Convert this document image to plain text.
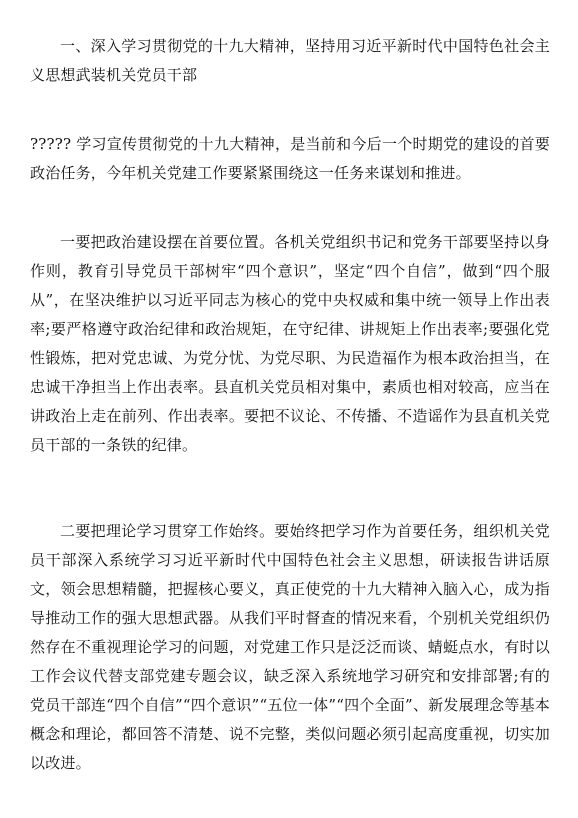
一、深入学习贯彻党的十九大精神，坚持用习近平新时代中国特色社会主义思想武装机关党员干部

????? 学习宣传贯彻党的十九大精神，是当前和今后一个时期党的建设的首要政治任务，今年机关党建工作要紧紧围绕这一任务来谋划和推进。

一要把政治建设摆在首要位置。各机关党组织书记和党务干部要坚持以身作则，教育引导党员干部树牢“四个意识”，坚定“四个自信”，做到“四个服从”，在坚决维护以习近平同志为核心的党中央权威和集中统一领导上作出表率;要严格遵守政治纪律和政治规矩，在守纪律、讲规矩上作出表率;要强化党性锻炼，把对党忠诚、为党分忧、为党尽职、为民造福作为根本政治担当，在忠诚干净担当上作出表率。县直机关党员相对集中，素质也相对较高，应当在讲政治上走在前列、作出表率。要把不议论、不传播、不造谣作为县直机关党员干部的一条铁的纪律。

二要把理论学习贯穿工作始终。要始终把学习作为首要任务，组织机关党员干部深入系统学习习近平新时代中国特色社会主义思想，研读报告讲话原文，领会思想精髓，把握核心要义，真正使党的十九大精神入脑入心，成为指导推动工作的强大思想武器。从我们平时督查的情况来看，个别机关党组织仍然存在不重视理论学习的问题，对党建工作只是泛泛而谈、蜻蜓点水，有时以工作会议代替支部党建专题会议，缺乏深入系统地学习研究和安排部署;有的党员干部连“四个自信”“四个意识”“五位一体”“四个全面”、新发展理念等基本概念和理论，都回答不清楚、说不完整，类似问题必须引起高度重视，切实加以改进。
